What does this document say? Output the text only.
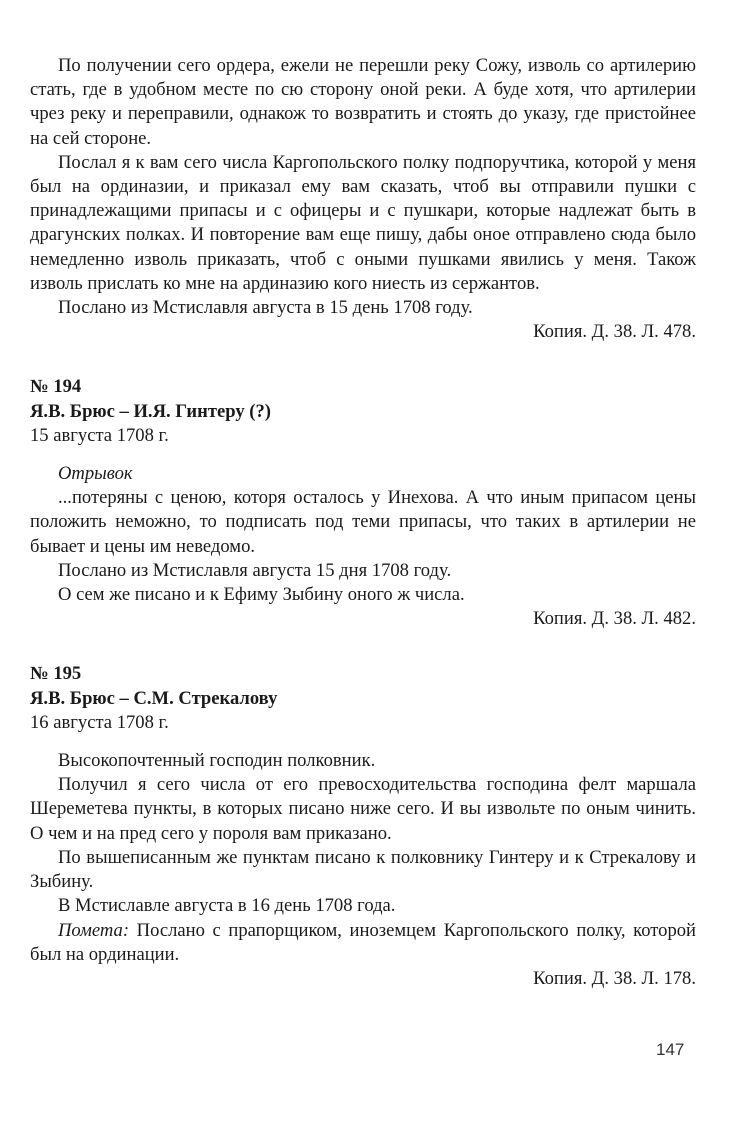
По получении сего ордера, ежели не перешли реку Сожу, изволь со артилерию стать, где в удобном месте по сю сторону оной реки. А буде хотя, что артилерии чрез реку и переправили, однакож то возвратить и стоять до указу, где пристойнее на сей стороне.

Послал я к вам сего числа Каргопольского полку подпоручтика, которой у меня был на ординазии, и приказал ему вам сказать, чтоб вы отправили пушки с принадлежащими припасы и с офицеры и с пушкари, которые надлежат быть в драгунских полках. И повторение вам еще пишу, дабы оное отправлено сюда было немедленно изволь приказать, чтоб с оными пушками явились у меня. Також изволь прислать ко мне на ардиназию кого ниесть из сержантов.

Послано из Мстиславля августа в 15 день 1708 году.

Копия. Д. 38. Л. 478.

№ 194

Я.В. Брюс – И.Я. Гинтеру (?)

15 августа 1708 г.

Отрывок

...потеряны с ценою, которя осталось у Инехова. А что иным припасом цены положить неможно, то подписать под теми припасы, что таких в артилерии не бывает и цены им неведомо.

Послано из Мстиславля августа 15 дня 1708 году.

О сем же писано и к Ефиму Зыбину оного ж числа.

Копия. Д. 38. Л. 482.

№ 195

Я.В. Брюс – С.М. Стрекалову

16 августа 1708 г.

Высокопочтенный господин полковник.

Получил я сего числа от его превосходительства господина фелт маршала Шереметева пункты, в которых писано ниже сего. И вы извольте по оным чинить. О чем и на пред сего у пороля вам приказано.

По вышеписанным же пунктам писано к полковнику Гинтеру и к Стрекалову и Зыбину.

В Мстиславле августа в 16 день 1708 года.

Помета: Послано с прапорщиком, иноземцем Каргопольского полку, которой был на ординации.

Копия. Д. 38. Л. 178.

147
